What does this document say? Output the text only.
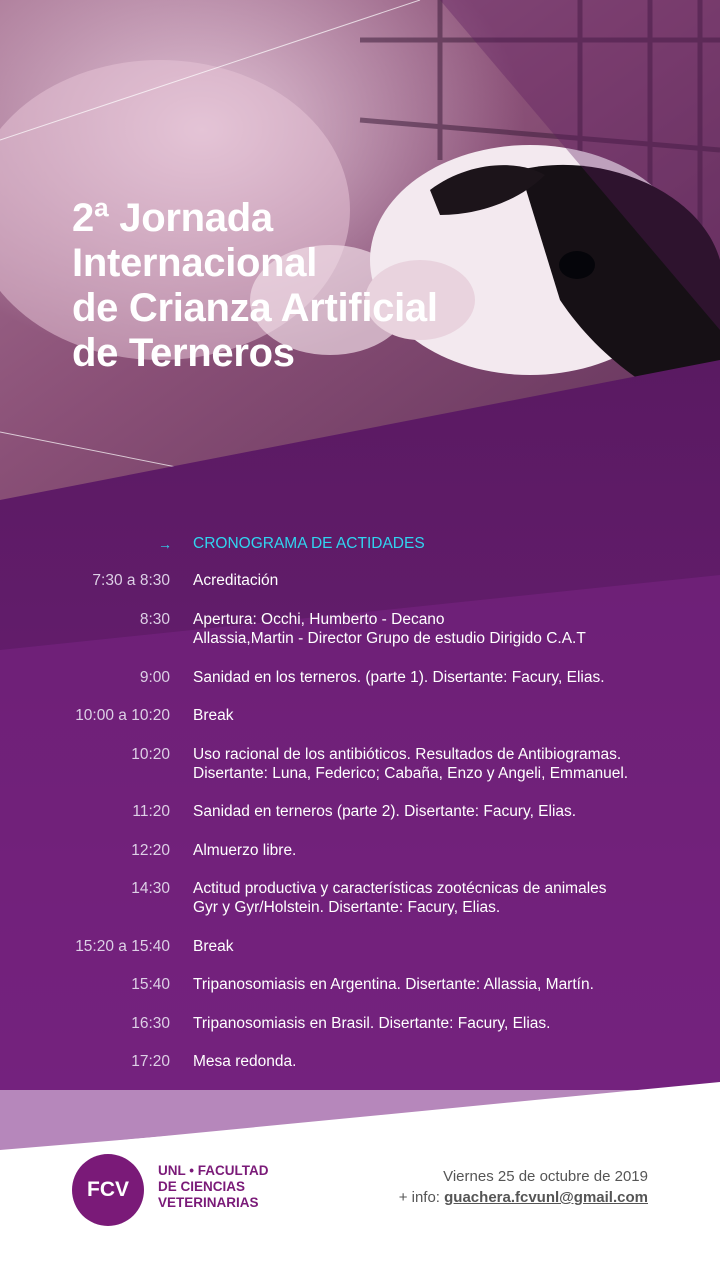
2ª Jornada
Internacional
de Crianza Artificial
de Terneros
→ CRONOGRAMA DE ACTIDADES
7:30 a 8:30 Acreditación
8:30 Apertura: Occhi, Humberto - Decano
Allassia,Martin - Director Grupo de estudio Dirigido C.A.T
9:00 Sanidad en los terneros. (parte 1). Disertante: Facury, Elias.
10:00 a 10:20 Break
10:20 Uso racional de los antibióticos. Resultados de Antibiogramas.
Disertante: Luna, Federico; Cabaña, Enzo y Angeli, Emmanuel.
11:20 Sanidad en terneros (parte 2). Disertante: Facury, Elias.
12:20 Almuerzo libre.
14:30 Actitud productiva y características zootécnicas de animales
Gyr y Gyr/Holstein. Disertante: Facury, Elias.
15:20 a 15:40 Break
15:40 Tripanosomiasis en Argentina. Disertante: Allassia, Martín.
16:30 Tripanosomiasis en Brasil. Disertante: Facury, Elias.
17:20 Mesa redonda.
FCV
UNL • FACULTAD
DE CIENCIAS
VETERINARIAS
Viernes 25 de octubre de 2019
+ info: guachera.fcvunl@gmail.com
